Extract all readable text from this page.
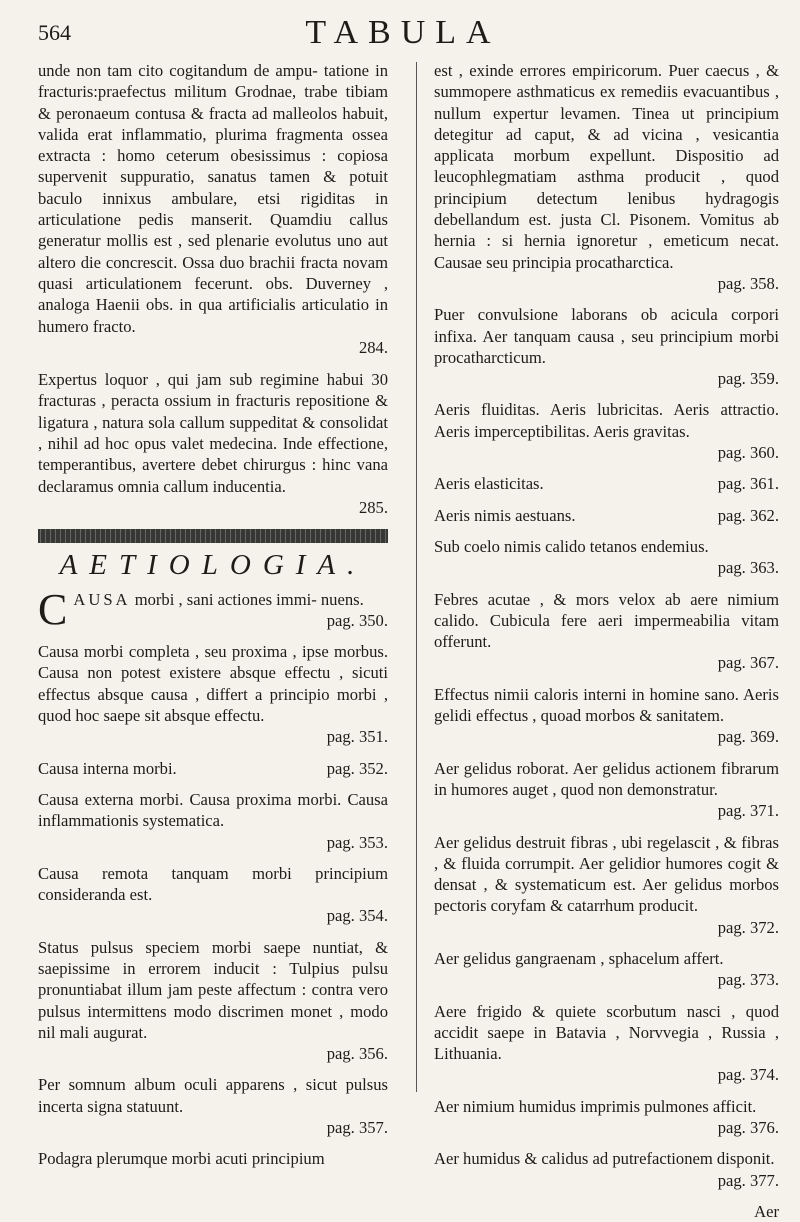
564	TABULA

unde non tam cito cogitandum de ampu- tatione in fracturis:praefectus militum Grodnae, trabe tibiam & peronaeum contusa & fracta ad malleolos habuit, valida erat inflammatio, plurima fragmenta ossea extracta : homo ceterum obesissimus : copiosa supervenit suppuratio, sanatus tamen & potuit baculo innixus ambulare, etsi rigiditas in articulatione pedis manserit. Quamdiu callus generatur mollis est , sed plenarie evolutus uno aut altero die concrescit. Ossa duo brachii fracta novam quasi articulationem fecerunt. obs. Duverney , analoga Haenii obs. in qua artificialis articulatio in humero fracto.

284.

Expertus loquor , qui jam sub regimine habui 30 fracturas , peracta ossium in fracturis repositione & ligatura , natura sola callum suppeditat & consolidat , nihil ad hoc opus valet medecina. Inde effectione, temperantibus, avertere debet chirurgus : hinc vana declaramus omnia callum inducentia.

285.
AETIOLOGIA.

C AUSA morbi , sani actiones immi- nuens.

pag. 350.

Causa morbi completa , seu proxima , ipse morbus. Causa non potest existere absque effectu , sicuti effectus absque causa , differt a principio morbi , quod hoc saepe sit absque effectu.

pag. 351.
pag. 352.

Causa interna morbi.

Causa externa morbi. Causa proxima morbi. Causa inflammationis systematica.

pag. 353.

Causa remota tanquam morbi principium considerandа est.

pag. 354.

Status pulsus speciem morbi saepe nuntiat, & saepissime in errorem inducit : Tulpius pulsu pronuntiabat illum jam peste affectum : contra vero pulsus intermittens modo discrimen monet , modo nil mali augurat.

pag. 356.

Per somnum album oculi apparens , sicut pulsus incerta signa statuunt.

pag. 357.

Podagra plerumque morbi acuti principium

est , exinde errores empiricorum. Puer caecus , & summopere asthmaticus ex remediis evacuantibus , nullum expertur levamen. Tinea ut principium detegitur ad caput, & ad vicina , vesicantia applicata morbum expellunt. Dispositio ad leucophlegmatiam asthma producit , quod principium detectum lenibus hydragogis debellandum est. justa Cl. Pisonem. Vomitus ab hernia : si hernia ignoretur , emeticum necat. Causae seu principia procatharctica.

pag. 358.

Puer convulsione laborans ob acicula corpori infixa. Aer tanquam causa , seu principium morbi procatharcticum.

pag. 359.

Aeris fluiditas. Aeris lubricitas. Aeris attractio. Aeris imperceptibilitas. Aeris gravitas.

pag. 360.
pag. 361.

Aeris elasticitas.

pag. 362.

Aeris nimis aestuans.

Sub coelo nimis calido tetanos endemius.

pag. 363.

Febres acutae , & mors velox ab aere nimium calido. Cubicula fere aeri impermeabilia vitam offerunt.

pag. 367.

Effectus nimii caloris interni in homine sano. Aeris gelidi effectus , quoad morbos & sanitatem.

pag. 369.

Aer gelidus roborat. Aer gelidus actionem fibrarum in humores auget , quod non demonstratur.

pag. 371.

Aer gelidus destruit fibras , ubi regelascit , & fibras , & fluida corrumpit. Aer gelidior humores cogit & densat , & systematicum est. Aer gelidus morbos pectoris coryfam & catarrhum producit.

pag. 372.

Aer gelidus gangraenam , sphacelum affert.

pag. 373.

Aere frigido & quiete scorbutum nasci , quod accidit saepe in Batavia , Norvvegia , Russia , Lithuania.

pag. 374.

Aer nimium humidus imprimis pulmones afficit.

pag. 376.

Aer humidus & calidus ad putrefactionem disponit.

pag. 377.
Aer
